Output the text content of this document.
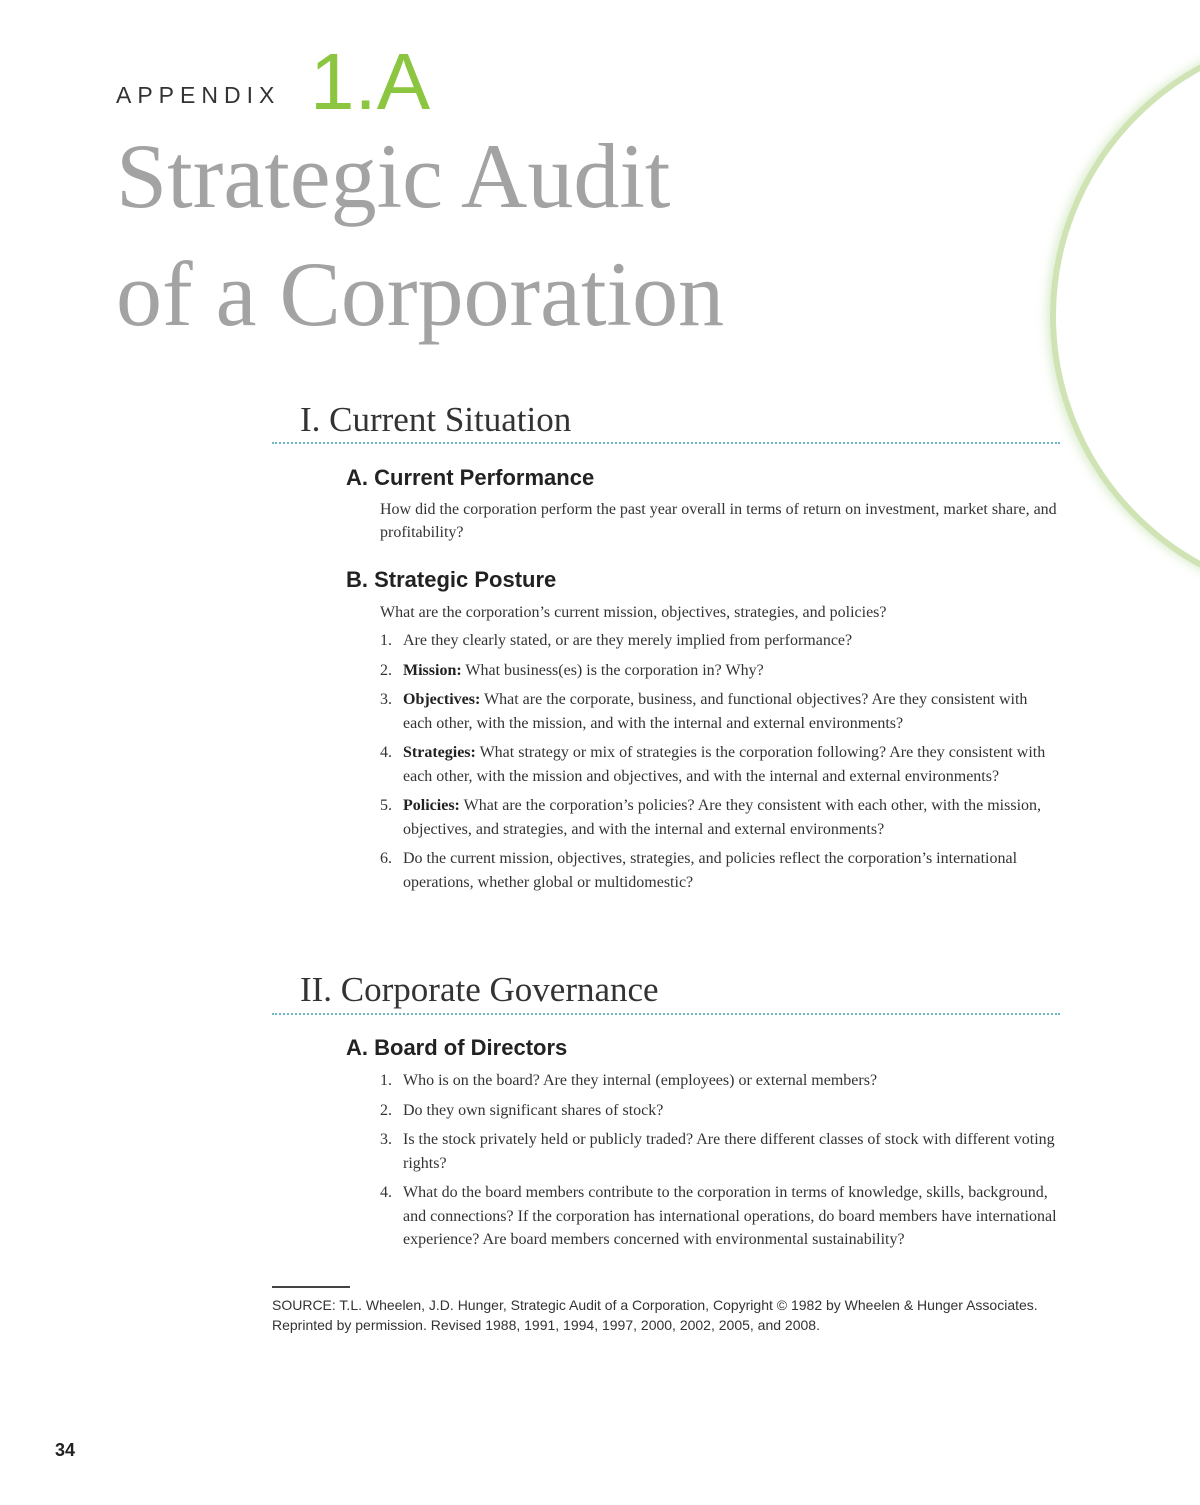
APPENDIX 1.A
Strategic Audit
of a Corporation
I. Current Situation
A. Current Performance
How did the corporation perform the past year overall in terms of return on investment, market share, and profitability?
B. Strategic Posture
What are the corporation’s current mission, objectives, strategies, and policies?
1. Are they clearly stated, or are they merely implied from performance?
2. Mission: What business(es) is the corporation in? Why?
3. Objectives: What are the corporate, business, and functional objectives? Are they consistent with each other, with the mission, and with the internal and external environments?
4. Strategies: What strategy or mix of strategies is the corporation following? Are they consistent with each other, with the mission and objectives, and with the internal and external environments?
5. Policies: What are the corporation’s policies? Are they consistent with each other, with the mission, objectives, and strategies, and with the internal and external environments?
6. Do the current mission, objectives, strategies, and policies reflect the corporation’s international operations, whether global or multidomestic?
II. Corporate Governance
A. Board of Directors
1. Who is on the board? Are they internal (employees) or external members?
2. Do they own significant shares of stock?
3. Is the stock privately held or publicly traded? Are there different classes of stock with different voting rights?
4. What do the board members contribute to the corporation in terms of knowledge, skills, background, and connections? If the corporation has international operations, do board members have international experience? Are board members concerned with environmental sustainability?
SOURCE: T.L. Wheelen, J.D. Hunger, Strategic Audit of a Corporation, Copyright © 1982 by Wheelen & Hunger Associates. Reprinted by permission. Revised 1988, 1991, 1994, 1997, 2000, 2002, 2005, and 2008.
34
